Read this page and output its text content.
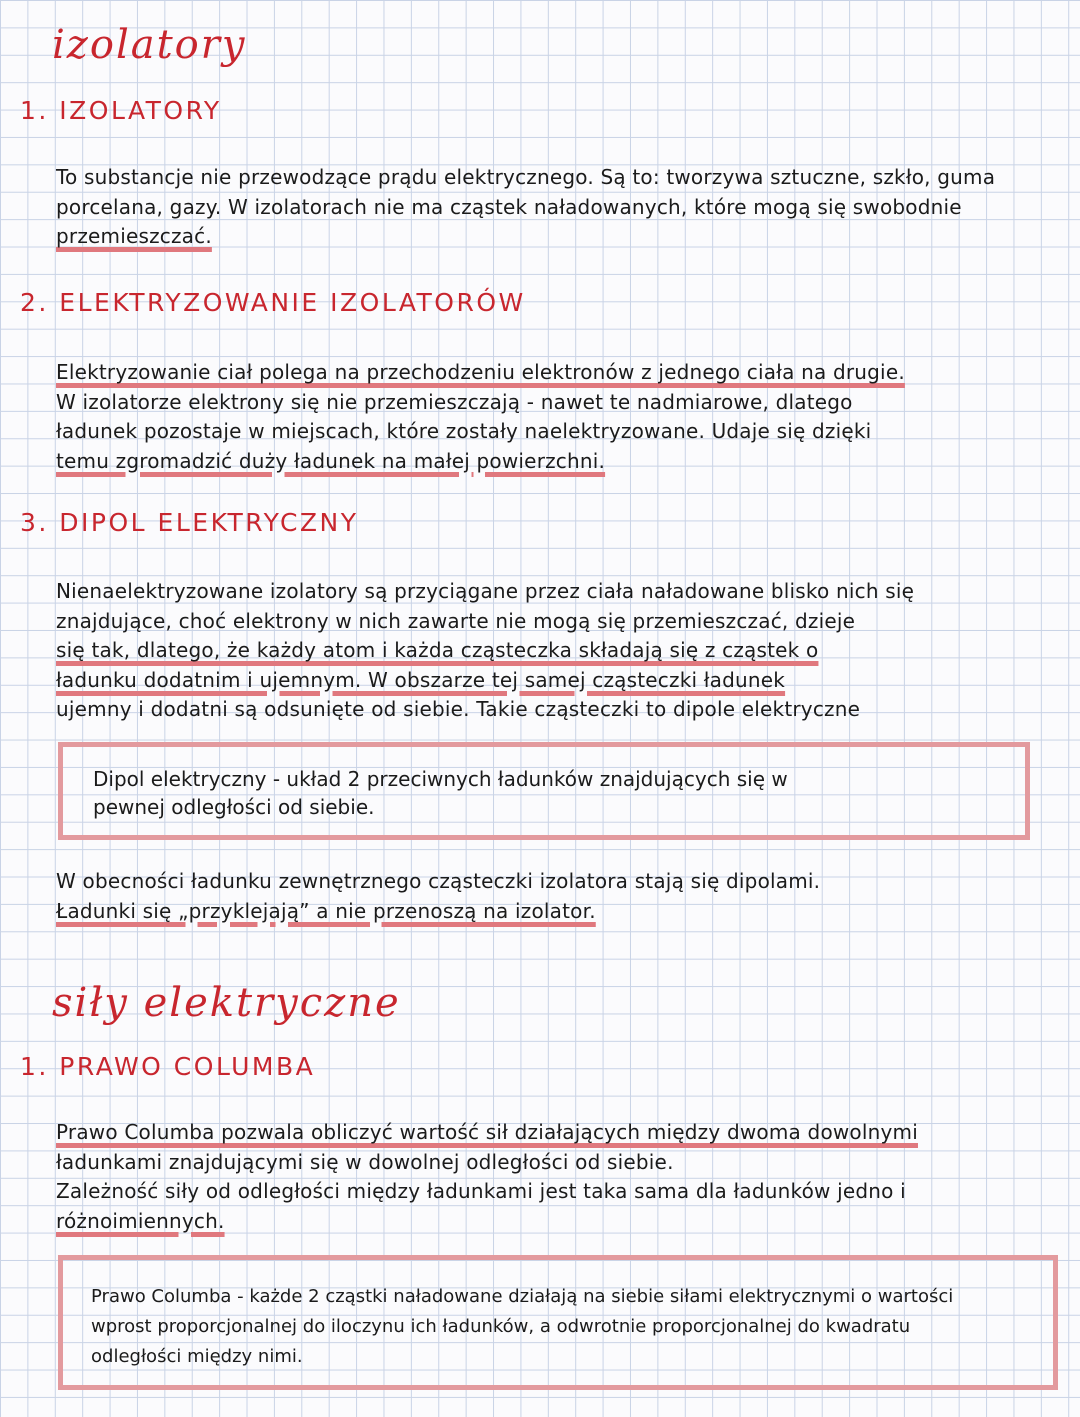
izolatory
1. IZOLATORY
To substancje nie przewodzące prądu elektrycznego. Są to: tworzywa sztuczne, szkło, guma
porcelana, gazy. W izolatorach nie ma cząstek naładowanych, które mogą się swobodnie
przemieszczać.
2. ELEKTRYZOWANIE IZOLATORÓW
Elektryzowanie ciał polega na przechodzeniu elektronów z jednego ciała na drugie.
W izolatorze elektrony się nie przemieszczają - nawet te nadmiarowe, dlatego
ładunek pozostaje w miejscach, które zostały naelektryzowane. Udaje się dzięki
temu zgromadzić duży ładunek na małej powierzchni.
3. DIPOL ELEKTRYCZNY
Nienaelektryzowane izolatory są przyciągane przez ciała naładowane blisko nich się
znajdujące, choć elektrony w nich zawarte nie mogą się przemieszczać, dzieje
się tak, dlatego, że każdy atom i każda cząsteczka składają się z cząstek o
ładunku dodatnim i ujemnym. W obszarze tej samej cząsteczki ładunek
ujemny i dodatni są odsunięte od siebie. Takie cząsteczki to dipole elektryczne

Dipol elektryczny - układ 2 przeciwnych ładunków znajdujących się w
pewnej odległości od siebie.

W obecności ładunku zewnętrznego cząsteczki izolatora stają się dipolami.
Ładunki się „przyklejają” a nie przenoszą na izolator.
siły elektryczne
1. PRAWO COLUMBA
Prawo Columba pozwala obliczyć wartość sił działających między dwoma dowolnymi
ładunkami znajdującymi się w dowolnej odległości od siebie.
Zależność siły od odległości między ładunkami jest taka sama dla ładunków jedno i
różnoimiennych.

Prawo Columba - każde 2 cząstki naładowane działają na siebie siłami elektrycznymi o wartości
wprost proporcjonalnej do iloczynu ich ładunków, a odwrotnie proporcjonalnej do kwadratu
odległości między nimi.
